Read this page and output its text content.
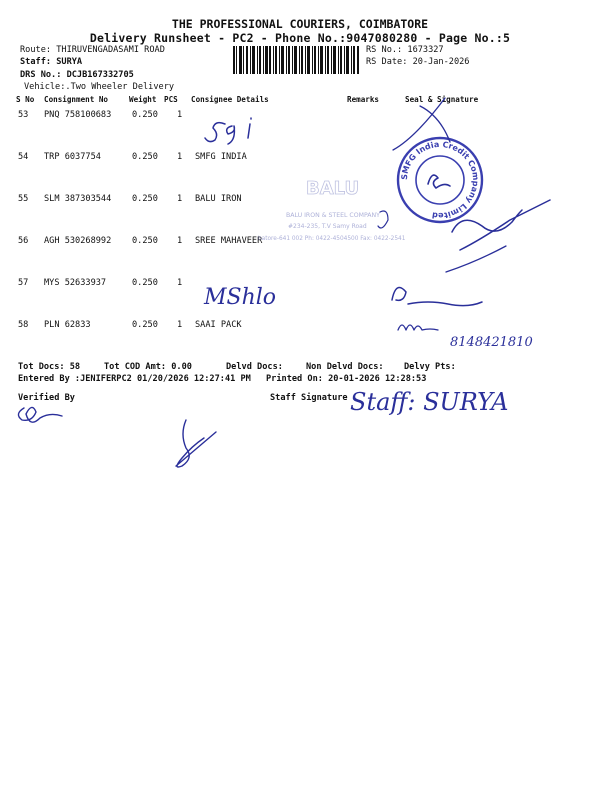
THE PROFESSIONAL COURIERS, COIMBATORE
Delivery Runsheet - PC2 - Phone No.:9047080280 - Page No.:5
Route: THIRUVENGADASAMI ROAD
Staff: SURYA
DRS No.: DCJB167332705
Vehicle:.Two Wheeler Delivery
RS No.: 1673327
RS Date: 20-Jan-2026
S No Consignment No	Weight PCS Consignee Details	Remarks	Seal & Signature
53 PNQ 758100683 0.250 1
54 TRP 6037754	0.250 1 SMFG INDIA
55 SLM 387303544 0.250 1 BALU IRON
56 AGH 530268992 0.250 1 SREE MAHAVEER
57 MYS 52633937	0.250 1
58 PLN 62833	0.250 1 SAAI PACK
Tot Docs: 58	Tot COD Amt: 0.00	Delvd Docs:	Non Delvd Docs: Delvy Pts:
Entered By :JENIFERPC2 01/20/2026 12:27:41 PM Printed On: 20-01-2026 12:28:53
Verified By	Staff Signature
BALU
BALU IRON & STEEL COMPANY
#234-235, T.V Samy Road
batore-641 002 Ph: 0422-4504500 Fax: 0422-2541
SMFG India Credit Company Limited
MShlo
8148421810
Staff: SURYA
